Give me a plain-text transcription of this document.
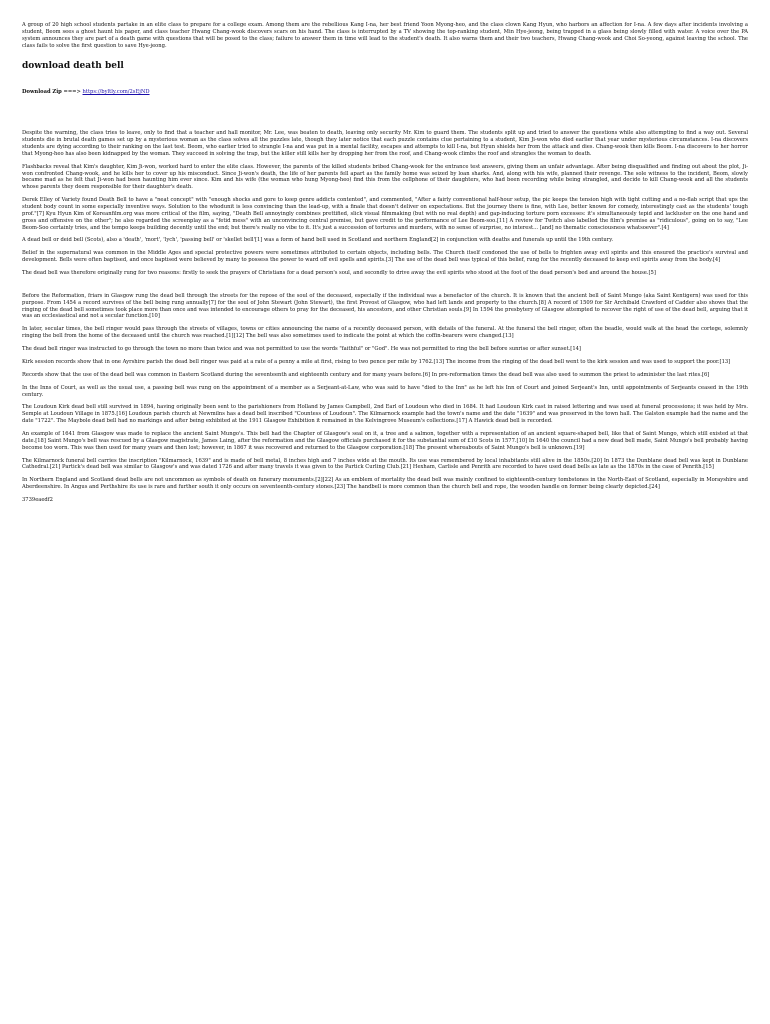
A group of 20 high school students partake in an elite class to prepare for a college exam. Among them are the rebellious Kang I-na, her best friend Yoon Myong-heo, and the class clown Kang Hyun, who harbors an affection for I-na. A few days after incidents involving a student, Beom sees a ghost haunt his paper, and class teacher Hwang Chang-wook discovers scars on his hand. The class is interrupted by a TV showing the top-ranking student, Min Hye-jeong, being trapped in a glass being slowly filled with water. A voice over the PA system announces they are part of a death game with questions that will be posed to the class; failure to answer them in time will lead to the student's death. It also warns them and their two teachers, Hwang Chang-wook and Choi So-yeong, against leaving the school. The class fails to solve the first question to save Hye-jeong.

download death bell

Download Zip ===> https://byltly.com/2sEjND

Despite the warning, the class tries to leave, only to find that a teacher and hall monitor, Mr. Lee, was beaten to death, leaving only security Mr. Kim to guard them. The students split up and tried to answer the questions while also attempting to find a way out. Several students die in brutal death games set up by a mysterious woman as the class solves all the puzzles late, though they later notice that each puzzle contains clue pertaining to a student, Kim Ji-won who died earlier that year under mysterious circumstances. I-na discovers students are dying according to their ranking on the last test. Beom, who earlier tried to strangle I-na and was put in a mental facility, escapes and attempts to kill I-na, but Hyun shields her from the attack and dies. Chang-wook then kills Beom. I-na discovers to her horror that Myong-heo has also been kidnapped by the woman. They succeed in solving the trap, but the killer still kills her by dropping her from the roof, and Chang-wook climbs the roof and strangles the woman to death.

Flashbacks reveal that Kim's daughter, Kim Ji-won, worked hard to enter the elite class. However, the parents of the killed students bribed Chang-wook for the entrance test answers, giving them an unfair advantage. After being disqualified and finding out about the plot, Ji-won confronted Chang-wook, and he kills her to cover up his misconduct. Since Ji-won's death, the life of her parents fell apart as the family home was seized by loan sharks. And, along with his wife, planned their revenge. The sole witness to the incident, Beom, slowly became mad as he felt that Ji-won had been haunting him ever since. Kim and his wife (the woman who hung Myong-heo) find this from the cellphone of their daughters, who had been recording while being strangled, and decide to kill Chang-wook and all the students whose parents they deem responsible for their daughter's death.

Derek Elley of Variety found Death Bell to have a "neat concept" with "enough shocks and gore to keep genre addicts contented", and commented, "After a fairly conventional half-hour setup, the pic keeps the tension high with tight cutting and a no-flab script that ups the student body count in some especially inventive ways. Solution to the whodunit is less convincing than the lead-up, with a finale that doesn't deliver on expectations. But the journey there is fine, with Lee, better known for comedy, interestingly cast as the students' tough prof."[7] Kyu Hyun Kim of Koreanfilm.org was more critical of the film, saying, "Death Bell annoyingly combines prettified, slick visual filmmaking (but with no real depth) and gap-inducing torture porn excesses: it's simultaneously tepid and lackluster on the one hand and gross and offensive on the other"; he also regarded the screenplay as a "fetid mess" with an unconvincing central premise, but gave credit to the performance of Lee Beom-soo.[11] A review for Twitch also labelled the film's premise as "ridiculous", going on to say, "Lee Beom-Soo certainly tries, and the tempo keeps building decently until the end; but there's really no vibe to it. It's just a succession of tortures and murders, with no sense of surprise, no interest... [and] no thematic consciousness whatsoever".[4]

A dead bell or deid bell (Scots), also a 'death', 'mort', 'lych', 'passing bell' or 'skellet bell'[1] was a form of hand bell used in Scotland and northern England[2] in conjunction with deaths and funerals up until the 19th century.

Belief in the supernatural was common in the Middle Ages and special protective powers were sometimes attributed to certain objects, including bells. The Church itself condoned the use of bells to frighten away evil spirits and this ensured the practice's survival and development. Bells were often baptised, and once baptised were believed by many to possess the power to ward off evil spells and spirits.[3] The use of the dead bell was typical of this belief, rung for the recently deceased to keep evil spirits away from the body.[4]

The dead bell was therefore originally rung for two reasons: firstly to seek the prayers of Christians for a dead person's soul, and secondly to drive away the evil spirits who stood at the foot of the dead person's bed and around the house.[5]

Before the Reformation, friars in Glasgow rung the dead bell through the streets for the repose of the soul of the deceased, especially if the individual was a benefactor of the church. It is known that the ancient bell of Saint Mungo (aka Saint Kentigern) was used for this purpose. From 1454 a record survives of the bell being rung annually[7] for the soul of John Stewart (John Stewart), the first Provost of Glasgow, who had left lands and property to the church.[8] A record of 1509 for Sir Archibald Crawford of Cadder also shows that the ringing of the dead bell sometimes took place more than once and was intended to encourage others to pray for the deceased, his ancestors, and other Christian souls.[9] In 1594 the presbytery of Glasgow attempted to recover the right of use of the dead bell, arguing that it was an ecclesiastical and not a secular function.[10]

In later, secular times, the bell ringer would pass through the streets of villages, towns or cities announcing the name of a recently deceased person, with details of the funeral. At the funeral the bell ringer, often the beadle, would walk at the head the cortege, solemnly ringing the bell from the home of the deceased until the church was reached.[1][12] The bell was also sometimes used to indicate the point at which the coffin-bearers were changed.[13]

The dead bell ringer was instructed to go through the town no more than twice and was not permitted to use the words "faithful" or "God". He was not permitted to ring the bell before sunrise or after sunset.[14]

Kirk session records show that in one Ayrshire parish the dead bell ringer was paid at a rate of a penny a mile at first, rising to two pence per mile by 1762.[13] The income from the ringing of the dead bell went to the kirk session and was used to support the poor.[13]

Records show that the use of the dead bell was common in Eastern Scotland during the seventeenth and eighteenth century and for many years before.[6] In pre-reformation times the dead bell was also used to summon the priest to administer the last rites.[6]

In the Inns of Court, as well as the usual use, a passing bell was rung on the appointment of a member as a Serjeant-at-Law, who was said to have "died to the Inn" as he left his Inn of Court and joined Serjeant's Inn, until appointments of Serjeants ceased in the 19th century.

The Loudoun Kirk dead bell still survived in 1894, having originally been sent to the parishioners from Holland by James Campbell, 2nd Earl of Loudoun who died in 1684. It had Loudoun Kirk cast in raised lettering and was used at funeral processions; it was held by Mrs. Semple at Loudoun Village in 1875.[16] Loudoun parish church at Newmilns has a dead bell inscribed "Countess of Loudoun". The Kilmarnock example had the town's name and the date "1639" and was preserved in the town hall. The Galston example had the name and the date "1722". The Maybole dead bell had no markings and after being exhibited at the 1911 Glasgow Exhibition it remained in the Kelvingrove Museum's collections.[17] A Hawick dead bell is recorded.

An example of 1641 from Glasgow was made to replace the ancient Saint Mungo's. This bell had the Chapter of Glasgow's seal on it, a tree and a salmon, together with a representation of an ancient square-shaped bell, like that of Saint Mungo, which still existed at that date.[18] Saint Mungo's bell was rescued by a Glasgow magistrate, James Laing, after the reformation and the Glasgow officials purchased it for the substantial sum of £10 Scots in 1577.[10] In 1640 the council had a new dead bell made, Saint Mungo's bell probably having become too worn. This was then used for many years and then lost; however, in 1867 it was recovered and returned to the Glasgow corporation.[18] The present whereabouts of Saint Mungo's bell is unknown.[19]

The Kilmarnock funeral bell carries the inscription "Kilmarnock, 1639" and is made of bell metal, 8 inches high and 7 inches wide at the mouth. Its use was remembered by local inhabitants still alive in the 1850s.[20] In 1873 the Dunblane dead bell was kept in Dunblane Cathedral.[21] Partick's dead bell was similar to Glasgow's and was dated 1726 and after many travels it was given to the Partick Curling Club.[21] Hexham, Carlisle and Penrith are recorded to have used dead bells as late as the 1870s in the case of Penrith.[15]

In Northern England and Scotland dead bells are not uncommon as symbols of death on funerary monuments.[2][22] As an emblem of mortality the dead bell was mainly confined to eighteenth-century tombstones in the North-East of Scotland, especially in Morayshire and Aberdeenshire. In Angus and Perthshire its use is rare and further south it only occurs on seventeenth-century stones.[23] The handbell is more common than the church bell and rope, the wooden handle on former being clearly depicted.[24]

3739eaedf2
